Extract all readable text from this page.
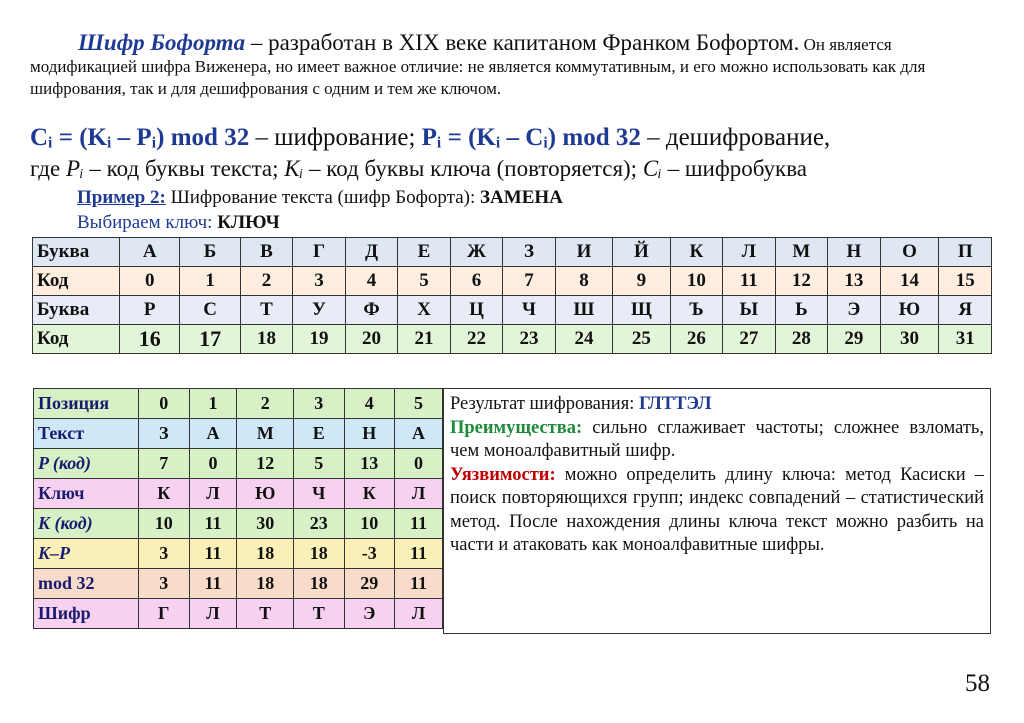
Шифр Бофорта – разработан в XIX веке капитаном Франком Бофортом. Он является модификацией шифра Виженера, но имеет важное отличие: не является коммутативным, и его можно использовать как для шифрования, так и для дешифрования с одним и тем же ключом.
Cᵢ = (Kᵢ – Pᵢ) mod 32 – шифрование; Pᵢ = (Kᵢ – Cᵢ) mod 32 – дешифрование,
где Pᵢ – код буквы текста; Kᵢ – код буквы ключа (повторяется); Cᵢ – шифробуква
Пример 2: Шифрование текста (шифр Бофорта): ЗАМЕНА
Выбираем ключ: КЛЮЧ
Буква	А	Б	В	Г	Д	Е	Ж	З	И	Й	К	Л	М	Н	О	П
Код	0	1	2	3	4	5	6	7	8	9	10	11	12	13	14	15
Буква	Р	С	Т	У	Ф	Х	Ц	Ч	Ш	Щ	Ъ	Ы	Ь	Э	Ю	Я
Код	16	17	18	19	20	21	22	23	24	25	26	27	28	29	30	31
Позиция	0	1	2	3	4	5
Текст	З	А	М	Е	Н	А
P (код)	7	0	12	5	13	0
Ключ	К	Л	Ю	Ч	К	Л
K (код)	10	11	30	23	10	11
K–P	3	11	18	18	-3	11
mod 32	3	11	18	18	29	11
Шифр	Г	Л	Т	Т	Э	Л
Результат шифрования: ГЛТТЭЛ
Преимущества: сильно сглаживает частоты; сложнее взломать, чем моноалфавитный шифр.
Уязвимости: можно определить длину ключа: метод Касиски – поиск повторяющихся групп; индекс совпадений – статистический метод. После нахождения длины ключа текст можно разбить на части и атаковать как моноалфавитные шифры.
58
